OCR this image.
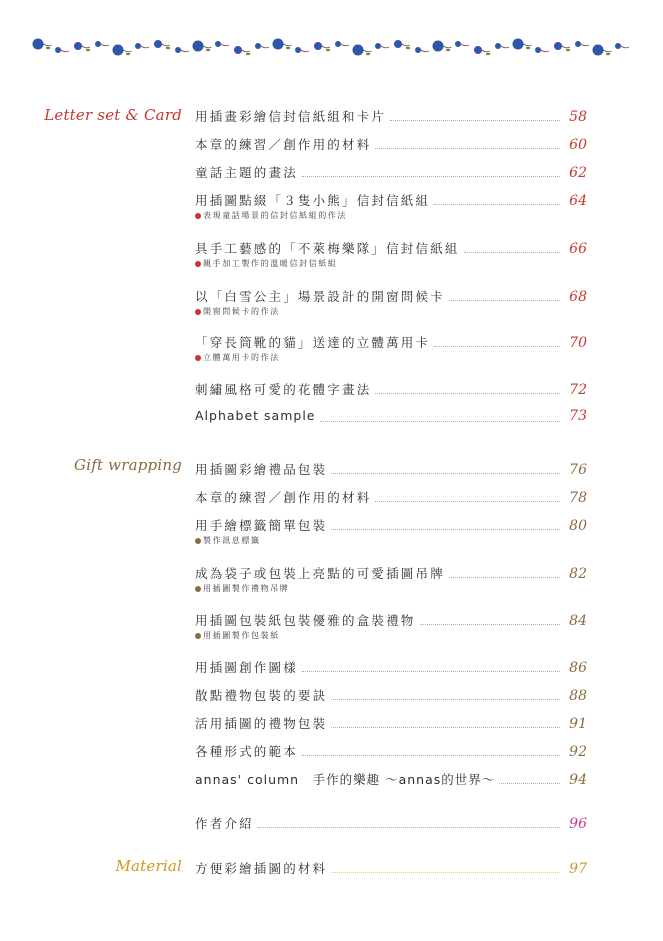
Letter set & Card
Gift wrapping
Material
用插畫彩繪信封信紙組和卡片	58
本章的練習／創作用的材料	60
童話主題的畫法	62
用插圖點綴「３隻小熊」信封信紙組	64
表現童話場景的信封信紙組的作法
具手工藝感的「不萊梅樂隊」信封信紙組	66
親手加工製作的溫暖信封信紙組
以「白雪公主」場景設計的開窗問候卡	68
開窗問候卡的作法
「穿長筒靴的貓」送達的立體萬用卡	70
立體萬用卡的作法
刺繡風格可愛的花體字畫法	72
Alphabet sample	73
用插圖彩繪禮品包裝	76
本章的練習／創作用的材料	78
用手繪標籤簡單包裝	80
製作訊息標籤
成為袋子或包裝上亮點的可愛插圖吊牌	82
用插圖製作禮物吊牌
用插圖包裝紙包裝優雅的盒裝禮物	84
用插圖製作包裝紙
用插圖創作圖樣	86
散點禮物包裝的要訣	88
活用插圖的禮物包裝	91
各種形式的範本	92
annas' column　手作的樂趣 ～annas的世界～	94
作者介紹	96
方便彩繪插圖的材料	97
